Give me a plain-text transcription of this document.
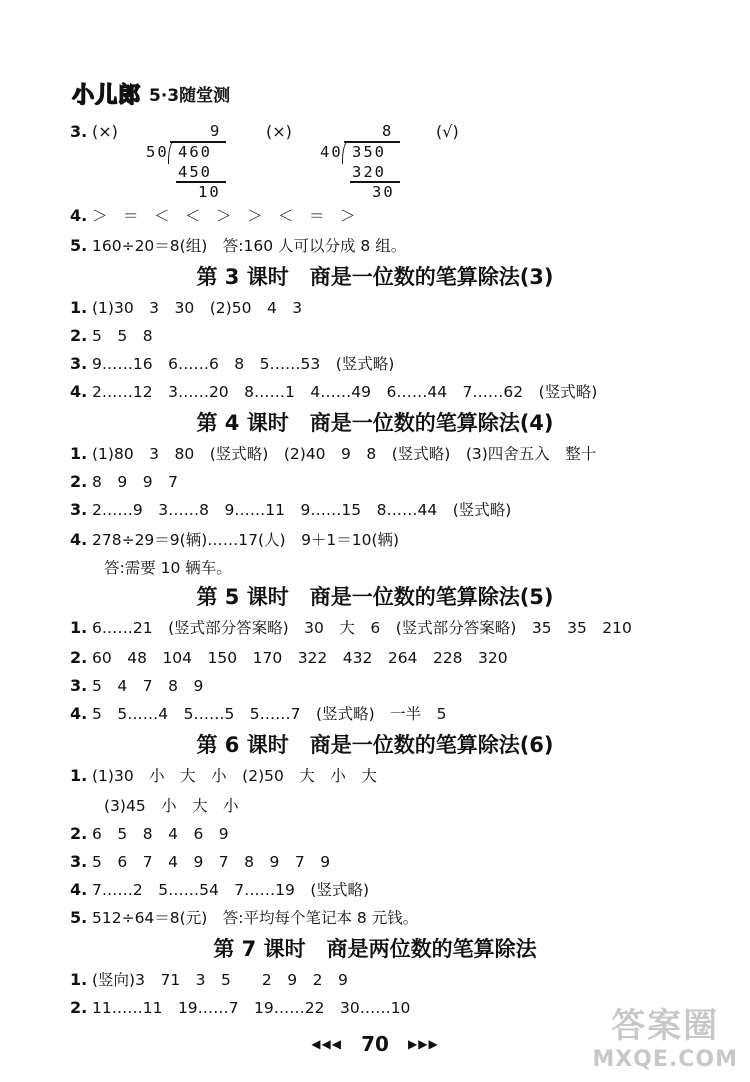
小儿郎 5·3随堂测
3. (×)	(×)	(√)
9
50 460
450
10
8
40 350
320
30
4. ＞　＝　＜　＜　＞　＞　＜　＝　＞
5. 160÷20＝8(组)　答:160 人可以分成 8 组。
第 3 课时　商是一位数的笔算除法(3)
1. (1)30　3　30　(2)50　4　3
2. 5　5　8
3. 9……16　6……6　8　5……53　(竖式略)
4. 2……12　3……20　8……1　4……49　6……44　7……62　(竖式略)
第 4 课时　商是一位数的笔算除法(4)
1. (1)80　3　80　(竖式略)　(2)40　9　8　(竖式略)　(3)四舍五入　整十
2. 8　9　9　7
3. 2……9　3……8　9……11　9……15　8……44　(竖式略)
4. 278÷29＝9(辆)……17(人)　9＋1＝10(辆)
答:需要 10 辆车。
第 5 课时　商是一位数的笔算除法(5)
1. 6……21　(竖式部分答案略)　30　大　6　(竖式部分答案略)　35　35　210
2. 60　48　104　150　170　322　432　264　228　320
3. 5　4　7　8　9
4. 5　5……4　5……5　5……7　(竖式略)　一半　5
第 6 课时　商是一位数的笔算除法(6)
1. (1)30　小　大　小　(2)50　大　小　大
(3)45　小　大　小
2. 6　5　8　4　6　9
3. 5　6　7　4　9　7　8　9　7　9
4. 7……2　5……54　7……19　(竖式略)
5. 512÷64＝8(元)　答:平均每个笔记本 8 元钱。
第 7 课时　商是两位数的笔算除法
1. (竖向)3　71　3　5　　2　9　2　9
2. 11……11　19……7　19……22　30……10
◀◀◀ 70 ▶▶▶	答案圈
MXQE.COM
